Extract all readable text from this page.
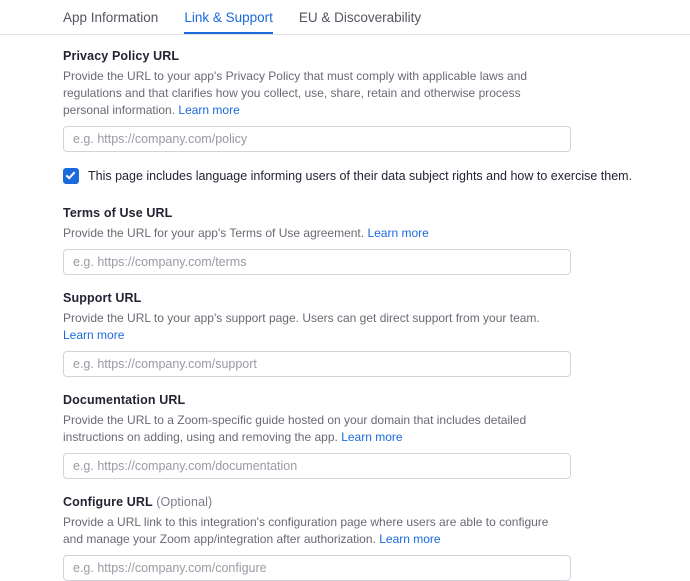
App Information Link & Support EU & Discoverability
Privacy Policy URL
Provide the URL to your app's Privacy Policy that must comply with applicable laws and regulations and that clarifies how you collect, use, share, retain and otherwise process personal information. Learn more
e.g. https://company.com/policy
This page includes language informing users of their data subject rights and how to exercise them.
Terms of Use URL
Provide the URL for your app's Terms of Use agreement. Learn more
e.g. https://company.com/terms
Support URL
Provide the URL to your app's support page. Users can get direct support from your team. Learn more
e.g. https://company.com/support
Documentation URL
Provide the URL to a Zoom-specific guide hosted on your domain that includes detailed instructions on adding, using and removing the app. Learn more
e.g. https://company.com/documentation
Configure URL (Optional)
Provide a URL link to this integration's configuration page where users are able to configure and manage your Zoom app/integration after authorization. Learn more
e.g. https://company.com/configure
